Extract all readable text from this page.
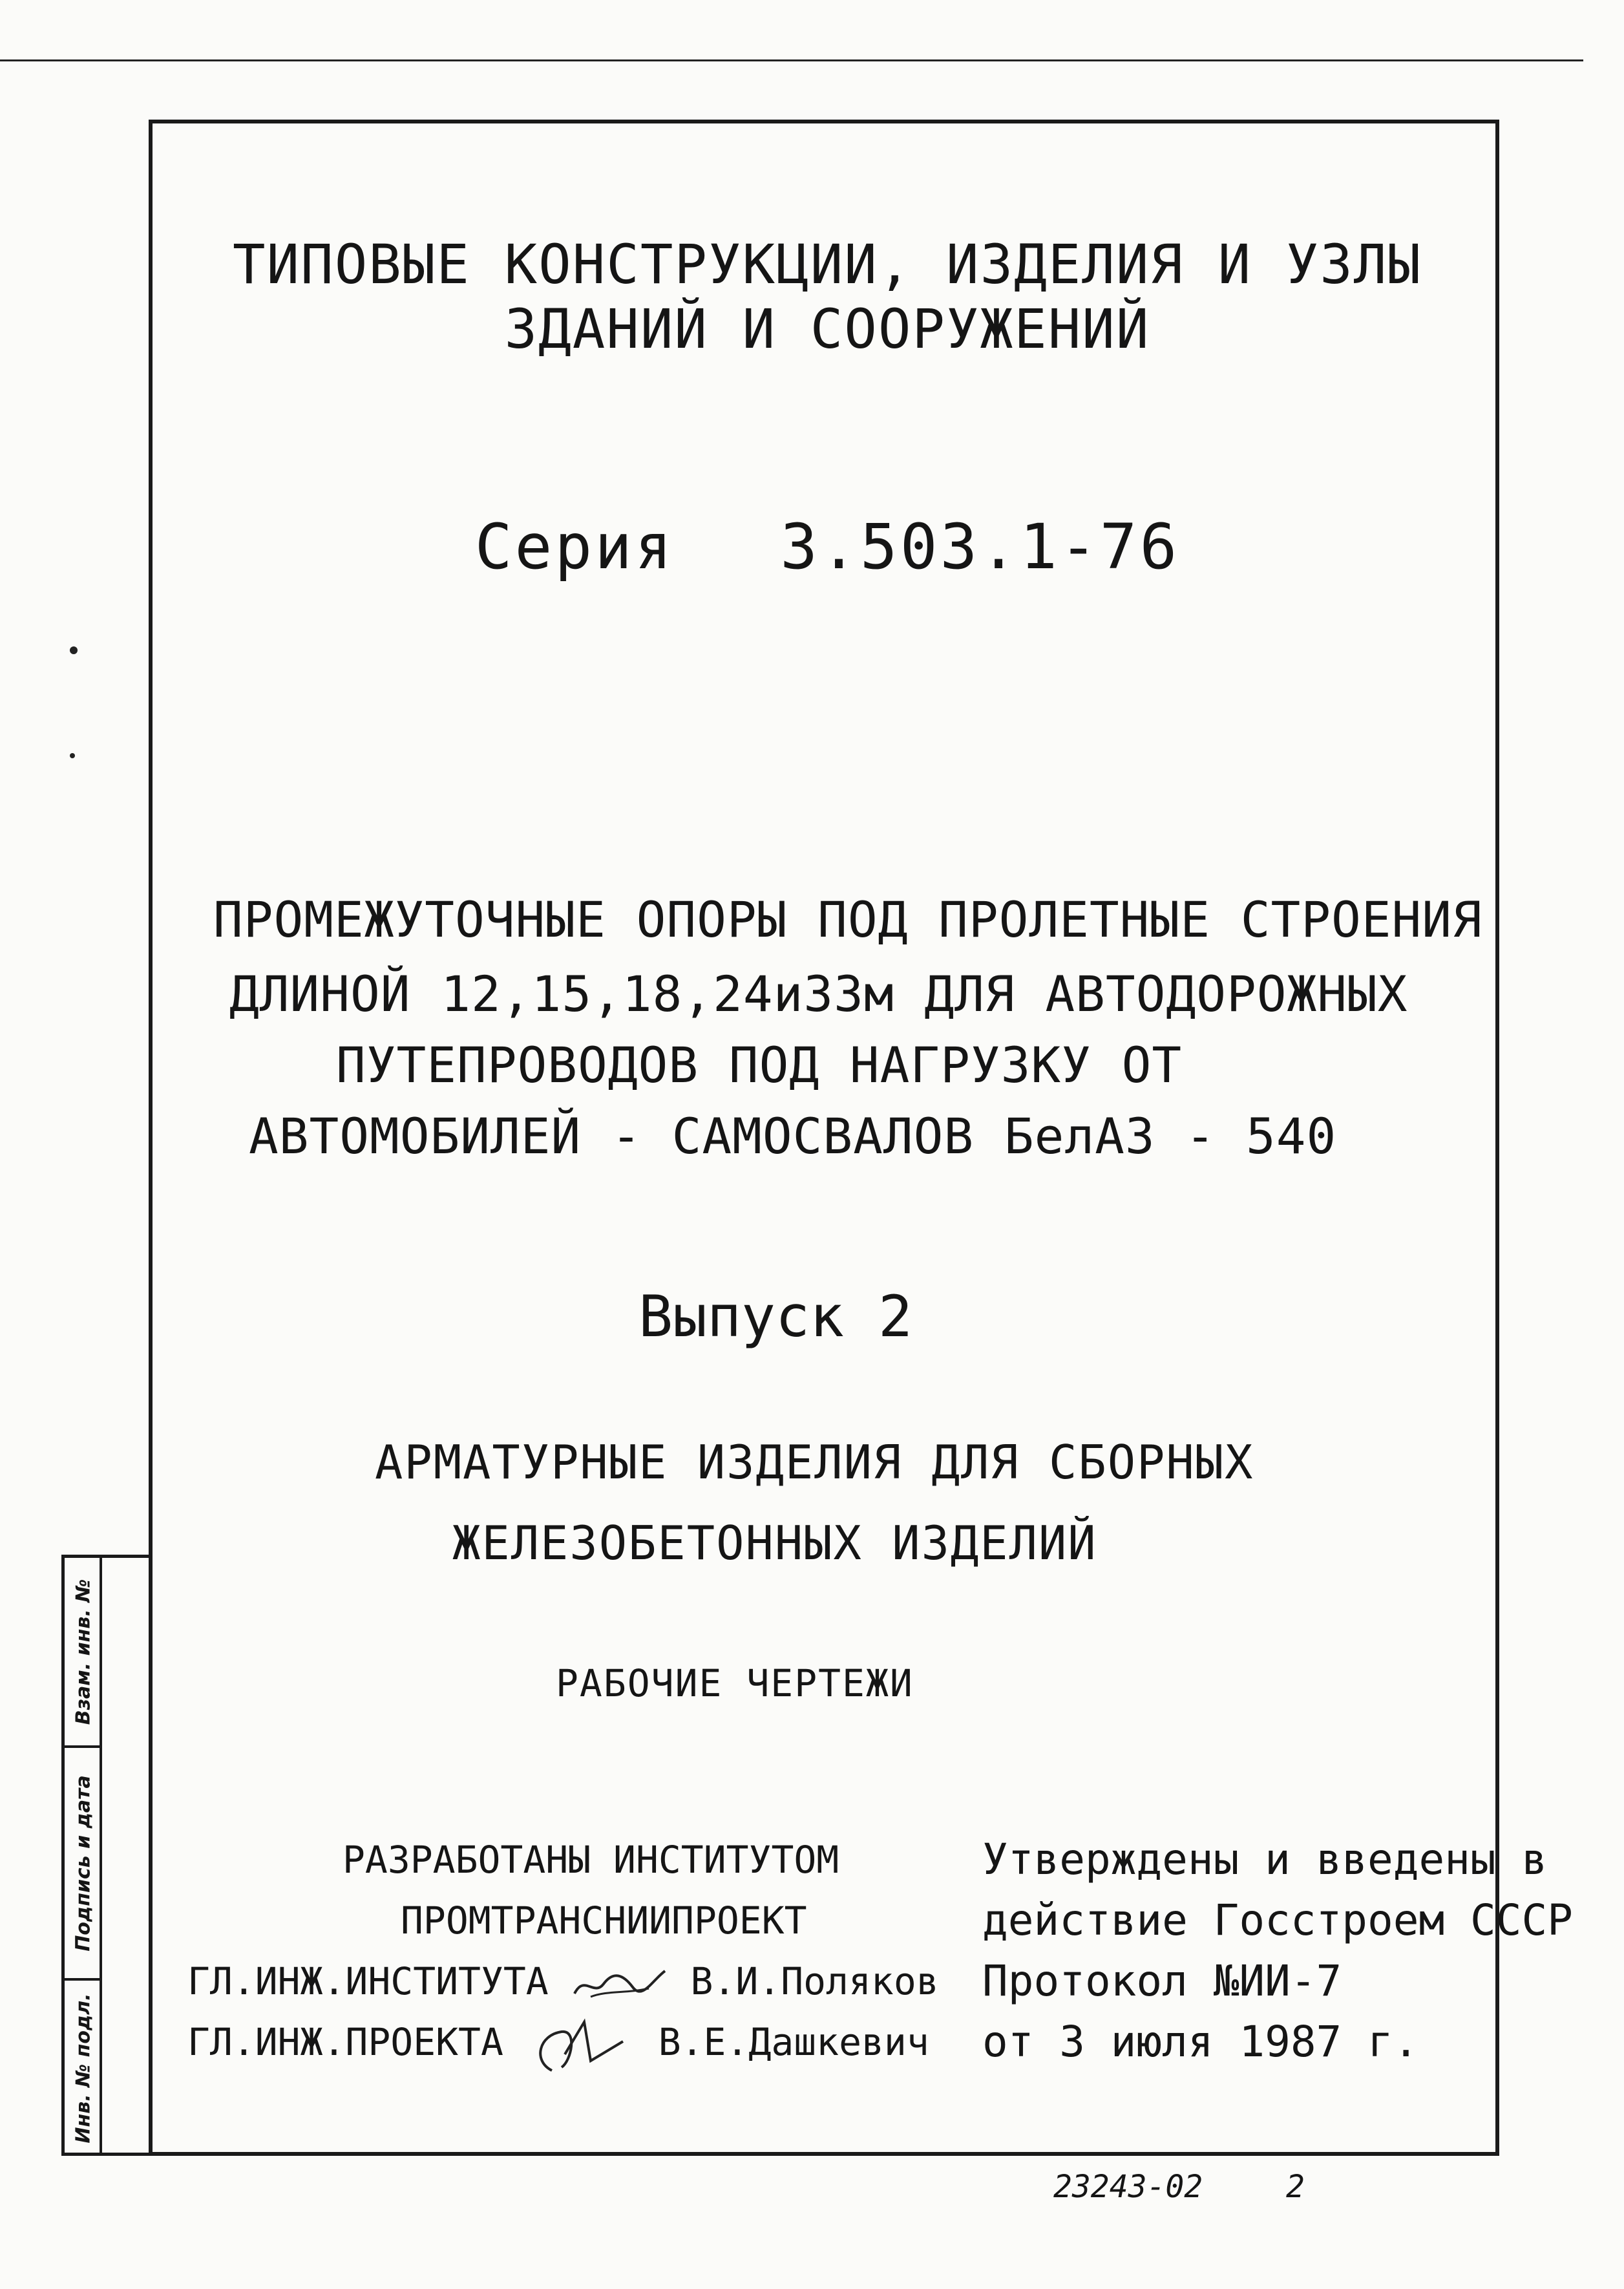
Взам. инв. №
Подпись и дата
Инв. № подл.
ТИПОВЫЕ КОНСТРУКЦИИ, ИЗДЕЛИЯ И УЗЛЫ
ЗДАНИЙ И СООРУЖЕНИЙ
Серия 3.503.1-76
ПРОМЕЖУТОЧНЫЕ ОПОРЫ ПОД ПРОЛЕТНЫЕ СТРОЕНИЯ
ДЛИНОЙ 12,15,18,24и33м ДЛЯ АВТОДОРОЖНЫХ
ПУТЕПРОВОДОВ ПОД НАГРУЗКУ ОТ
АВТОМОБИЛЕЙ - САМОСВАЛОВ БелАЗ - 540
Выпуск 2
АРМАТУРНЫЕ ИЗДЕЛИЯ ДЛЯ СБОРНЫХ
ЖЕЛЕЗОБЕТОННЫХ ИЗДЕЛИЙ
РАБОЧИЕ ЧЕРТЕЖИ
РАЗРАБОТАНЫ ИНСТИТУТОМ
ПРОМТРАНСНИИПРОЕКТ
ГЛ.ИНЖ.ИНСТИТУТА	В.И.Поляков
ГЛ.ИНЖ.ПРОЕКТА	В.Е.Дашкевич
Утверждены и введены в
действие Госстроем СССР
Протокол №ИИ-7
от 3 июля 1987 г.
23243-02	2
